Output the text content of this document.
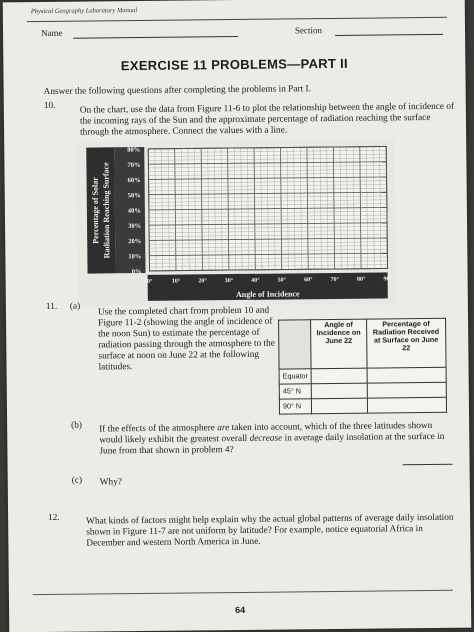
Physical Geography Laboratory Manual
Name	Section
EXERCISE 11 PROBLEMS—PART II
Answer the following questions after completing the problems in Part I.
10.	On the chart, use the data from Figure 11-6 to plot the relationship between the angle of incidence of the incoming rays of the Sun and the approximate percentage of radiation reaching the surface through the atmosphere. Connect the values with a line.
Percentage of Solar Radiation Reaching Surface
0%
10%
20%
30%
40%
50%
60%
70%
80%
0°	10°	20°	30°	40°	50°	60°	70°	80°	90°
Angle of Incidence
11. (a) Use the completed chart from problem 10 and Figure 11-2 (showing the angle of incidence of the noon Sun) to estimate the percentage of radiation passing through the atmosphere to the surface at noon on June 22 at the following latitudes.
	Angle of Incidence on June 22	Percentage of Radiation Received at Surface on June 22
Equator		
45° N		
90° N		
(b) If the effects of the atmosphere are taken into account, which of the three latitudes shown would likely exhibit the greatest overall decrease in average daily insolation at the surface in June from that shown in problem 4?
(c) Why?
12.	What kinds of factors might help explain why the actual global patterns of average daily insolation shown in Figure 11-7 are not uniform by latitude? For example, notice equatorial Africa in December and western North America in June.
64
